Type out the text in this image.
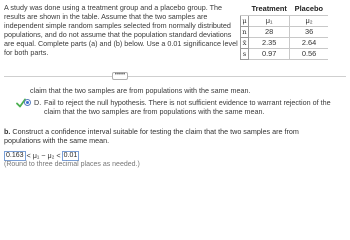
A study was done using a treatment group and a placebo group. The results are shown in the table. Assume that the two samples are independent simple random samples selected from normally distributed populations, and do not assume that the population standard deviations are equal. Complete parts (a) and (b) below. Use a 0.01 significance level for both parts.
	Treatment	Placebo
μ	μ₁	μ₂
n	28	36
x̄	2.35	2.64
s	0.97	0.56
•••••
claim that the two samples are from populations with the same mean.
D. Fail to reject the null hypothesis. There is not sufficient evidence to warrant rejection of the claim that the two samples are from populations with the same mean.
b. Construct a confidence interval suitable for testing the claim that the two samples are from populations with the same mean.
0.163 < μ₁ − μ₂ < 0.01
(Round to three decimal places as needed.)
